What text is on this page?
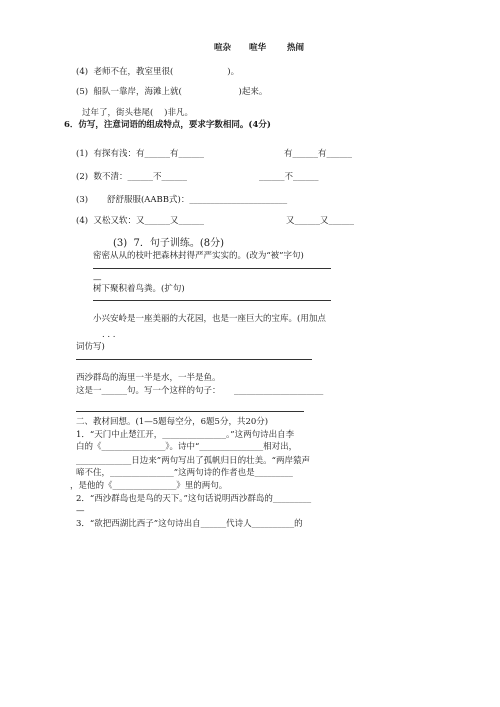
喧杂 喧华 热闹
(4)  老师不在，教室里很(                    )。
(5)  船队一靠岸，海滩上就(                     )起来。
过年了，街头巷尾(    )非凡。
6．仿写，注意词语的组成特点，要求字数相同。(4分)
(1)  有探有浅：有______有______	有______有______
(2)  数不清：______不______	______不______
(3)       舒舒服服(AABB式)：_______________________
(4)  又松又软：又______又______	又______又______
(3)  7．句子训练。(8分)
密密从从的枝叶把森林封得严严实实的。(改为“被”字句)
—
树下聚积着鸟粪。(扩句)
小兴安岭是一座美丽的大花园，也是一座巨大的宝库。(用加点
. . .
词仿写)
西沙群岛的海里一半是水，一半是鱼。
这是一______句。写一个这样的句子： _____________________
二、教材回想。(1—5题每空分，6题5分，共20分)
1．“天门中止楚江开，_______________。”这两句诗出自李
白的《_______________》。诗中“_______________相对出，
_____________日边来”两句写出了孤帆归日的壮美。“两岸猿声
啼不住，_______________”这两句诗的作者也是_________
，是他的《_______________》里的两句。
2．“西沙群岛也是鸟的天下。”这句话说明西沙群岛的_________
—
3．“欲把西湖比西子”这句诗出自______代诗人__________的
